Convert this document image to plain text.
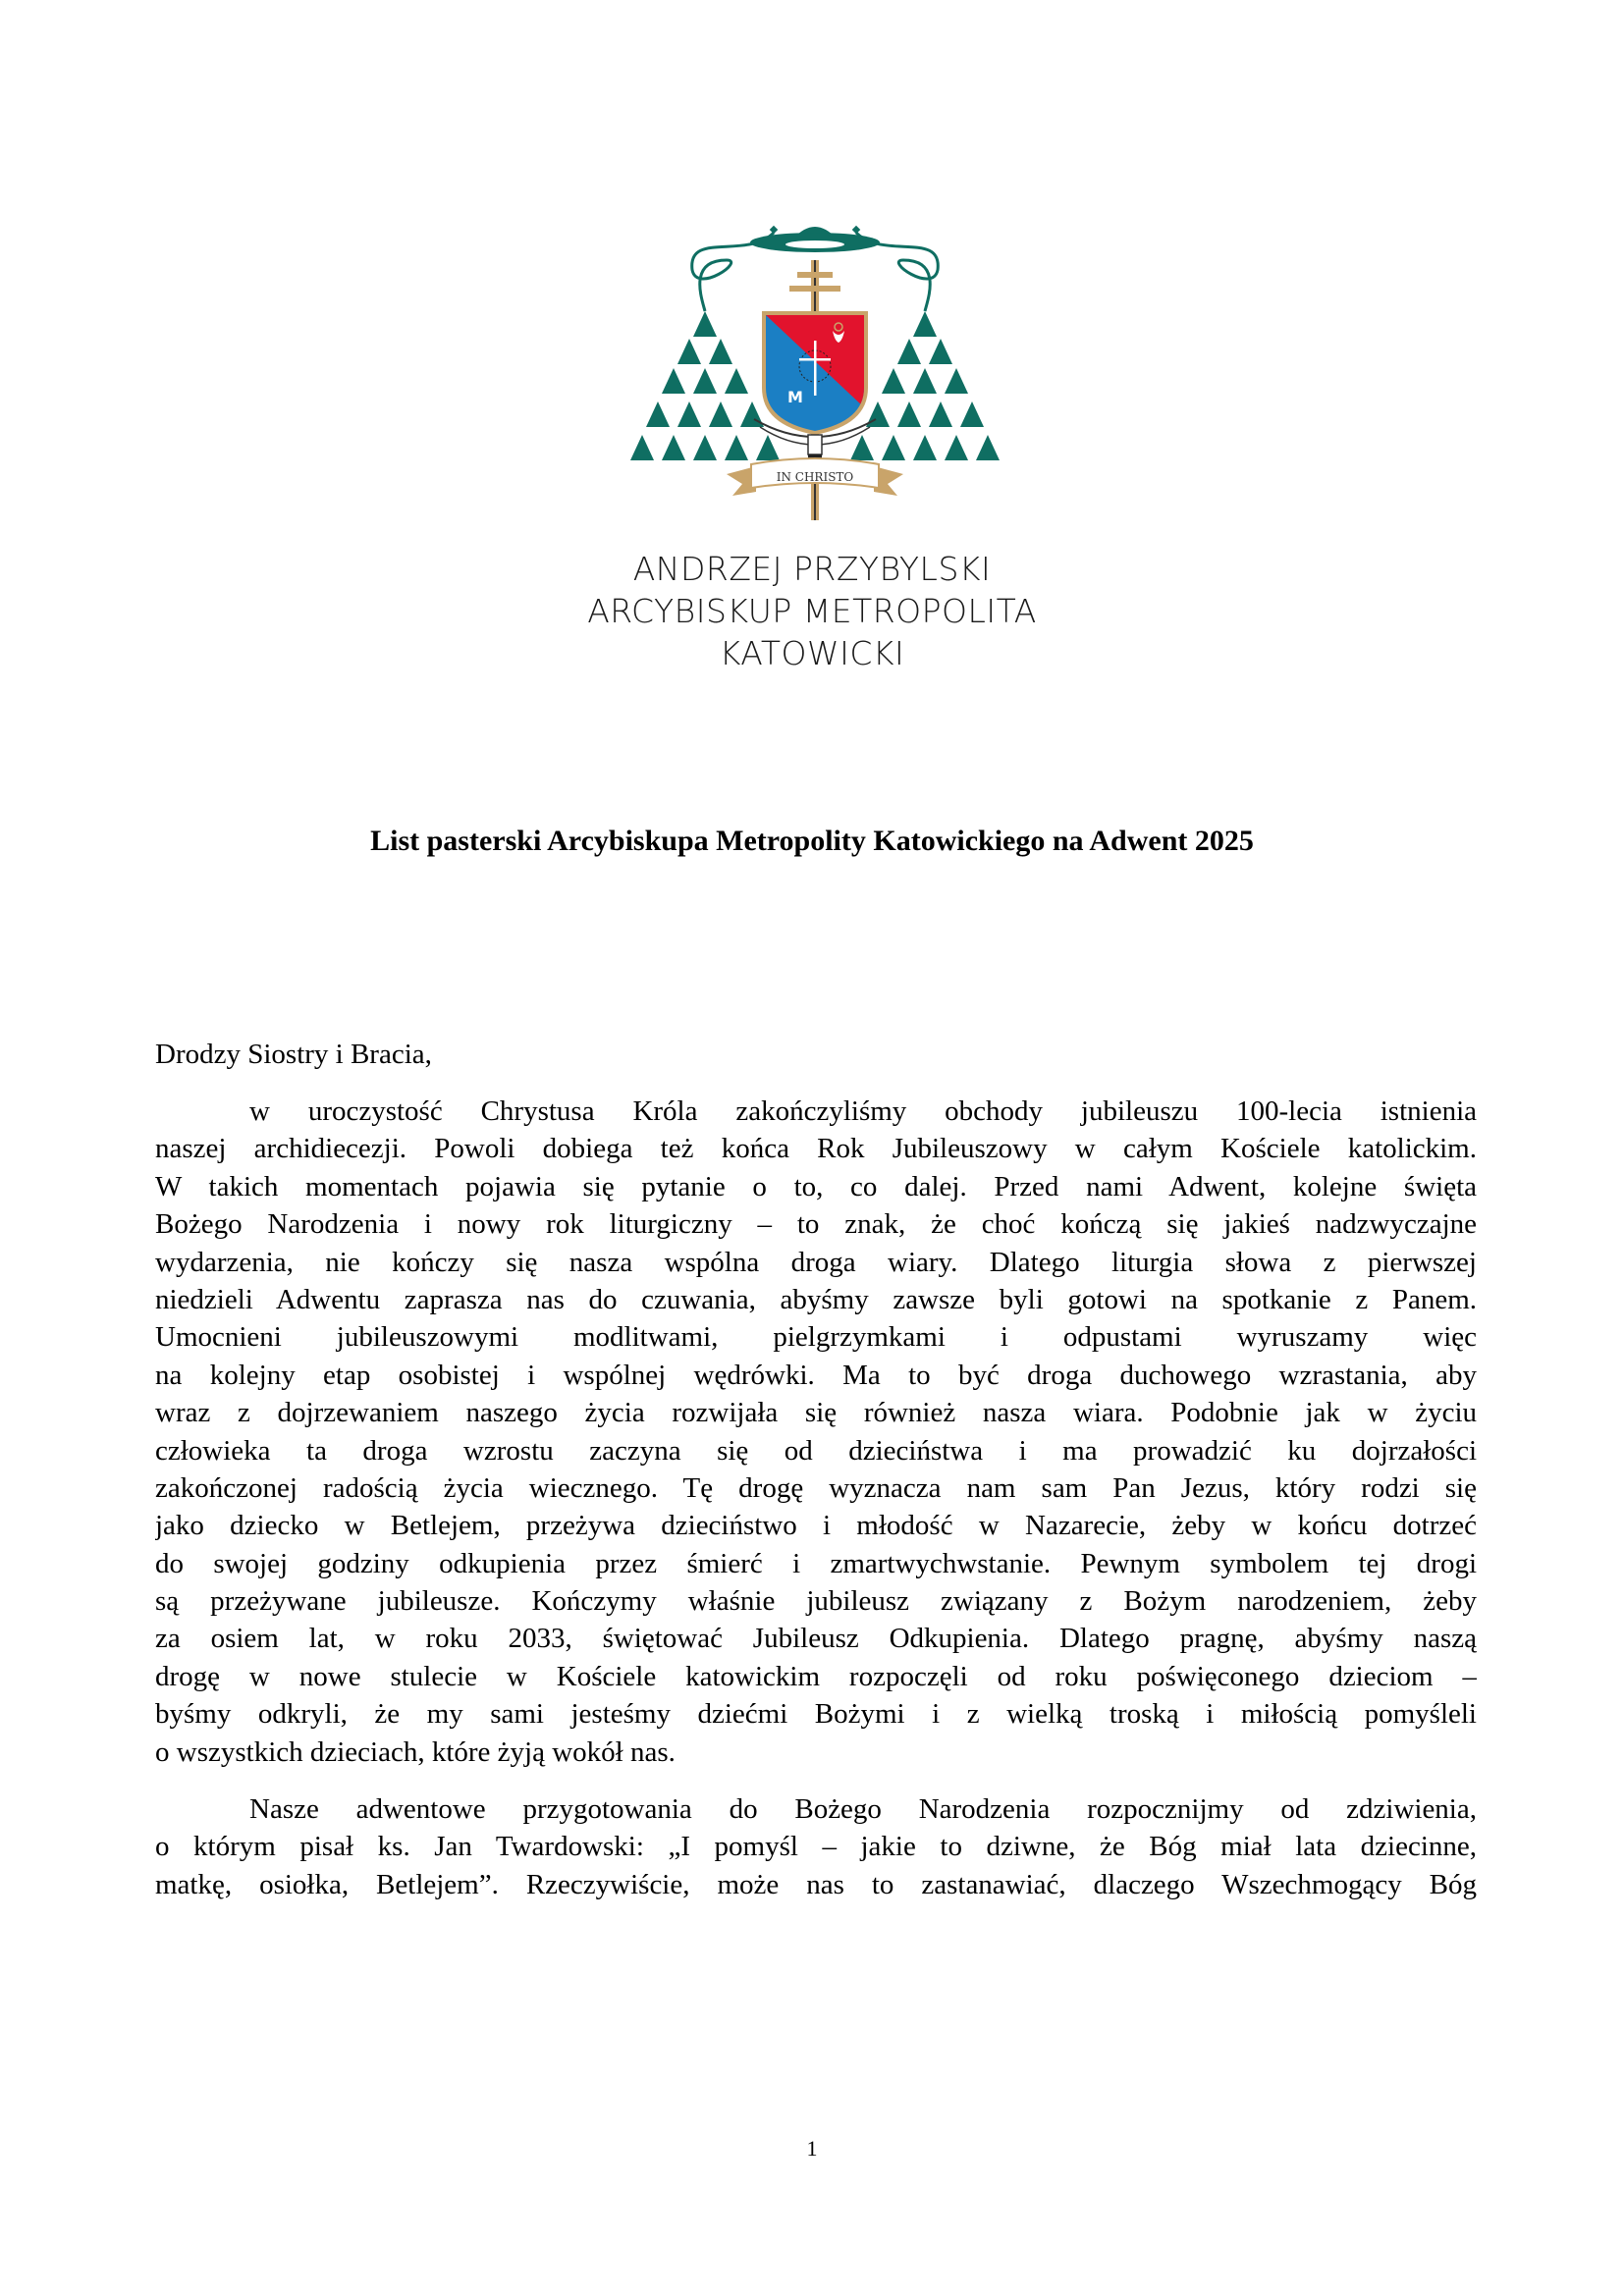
M
IN CHRISTO
ANDRZEJ PRZYBYLSKI
ARCYBISKUP METROPOLITA
KATOWICKI
List pasterski Arcybiskupa Metropolity Katowickiego na Adwent 2025
Drodzy Siostry i Bracia,
w uroczystość Chrystusa Króla zakończyliśmy obchody jubileuszu 100-lecia istnienia
naszej archidiecezji. Powoli dobiega też końca Rok Jubileuszowy w całym Kościele katolickim.
W takich momentach pojawia się pytanie o to, co dalej. Przed nami Adwent, kolejne święta
Bożego Narodzenia i nowy rok liturgiczny – to znak, że choć kończą się jakieś nadzwyczajne
wydarzenia, nie kończy się nasza wspólna droga wiary. Dlatego liturgia słowa z pierwszej
niedzieli Adwentu zaprasza nas do czuwania, abyśmy zawsze byli gotowi na spotkanie z Panem.
Umocnieni jubileuszowymi modlitwami, pielgrzymkami i odpustami wyruszamy więc
na kolejny etap osobistej i wspólnej wędrówki. Ma to być droga duchowego wzrastania, aby
wraz z dojrzewaniem naszego życia rozwijała się również nasza wiara. Podobnie jak w życiu
człowieka ta droga wzrostu zaczyna się od dzieciństwa i ma prowadzić ku dojrzałości
zakończonej radością życia wiecznego. Tę drogę wyznacza nam sam Pan Jezus, który rodzi się
jako dziecko w Betlejem, przeżywa dzieciństwo i młodość w Nazarecie, żeby w końcu dotrzeć
do swojej godziny odkupienia przez śmierć i zmartwychwstanie. Pewnym symbolem tej drogi
są przeżywane jubileusze. Kończymy właśnie jubileusz związany z Bożym narodzeniem, żeby
za osiem lat, w roku 2033, świętować Jubileusz Odkupienia. Dlatego pragnę, abyśmy naszą
drogę w nowe stulecie w Kościele katowickim rozpoczęli od roku poświęconego dzieciom –
byśmy odkryli, że my sami jesteśmy dziećmi Bożymi i z wielką troską i miłością pomyśleli
o wszystkich dzieciach, które żyją wokół nas.
Nasze adwentowe przygotowania do Bożego Narodzenia rozpocznijmy od zdziwienia,
o którym pisał ks. Jan Twardowski: „I pomyśl – jakie to dziwne, że Bóg miał lata dziecinne,
matkę, osiołka, Betlejem”. Rzeczywiście, może nas to zastanawiać, dlaczego Wszechmogący Bóg
1
